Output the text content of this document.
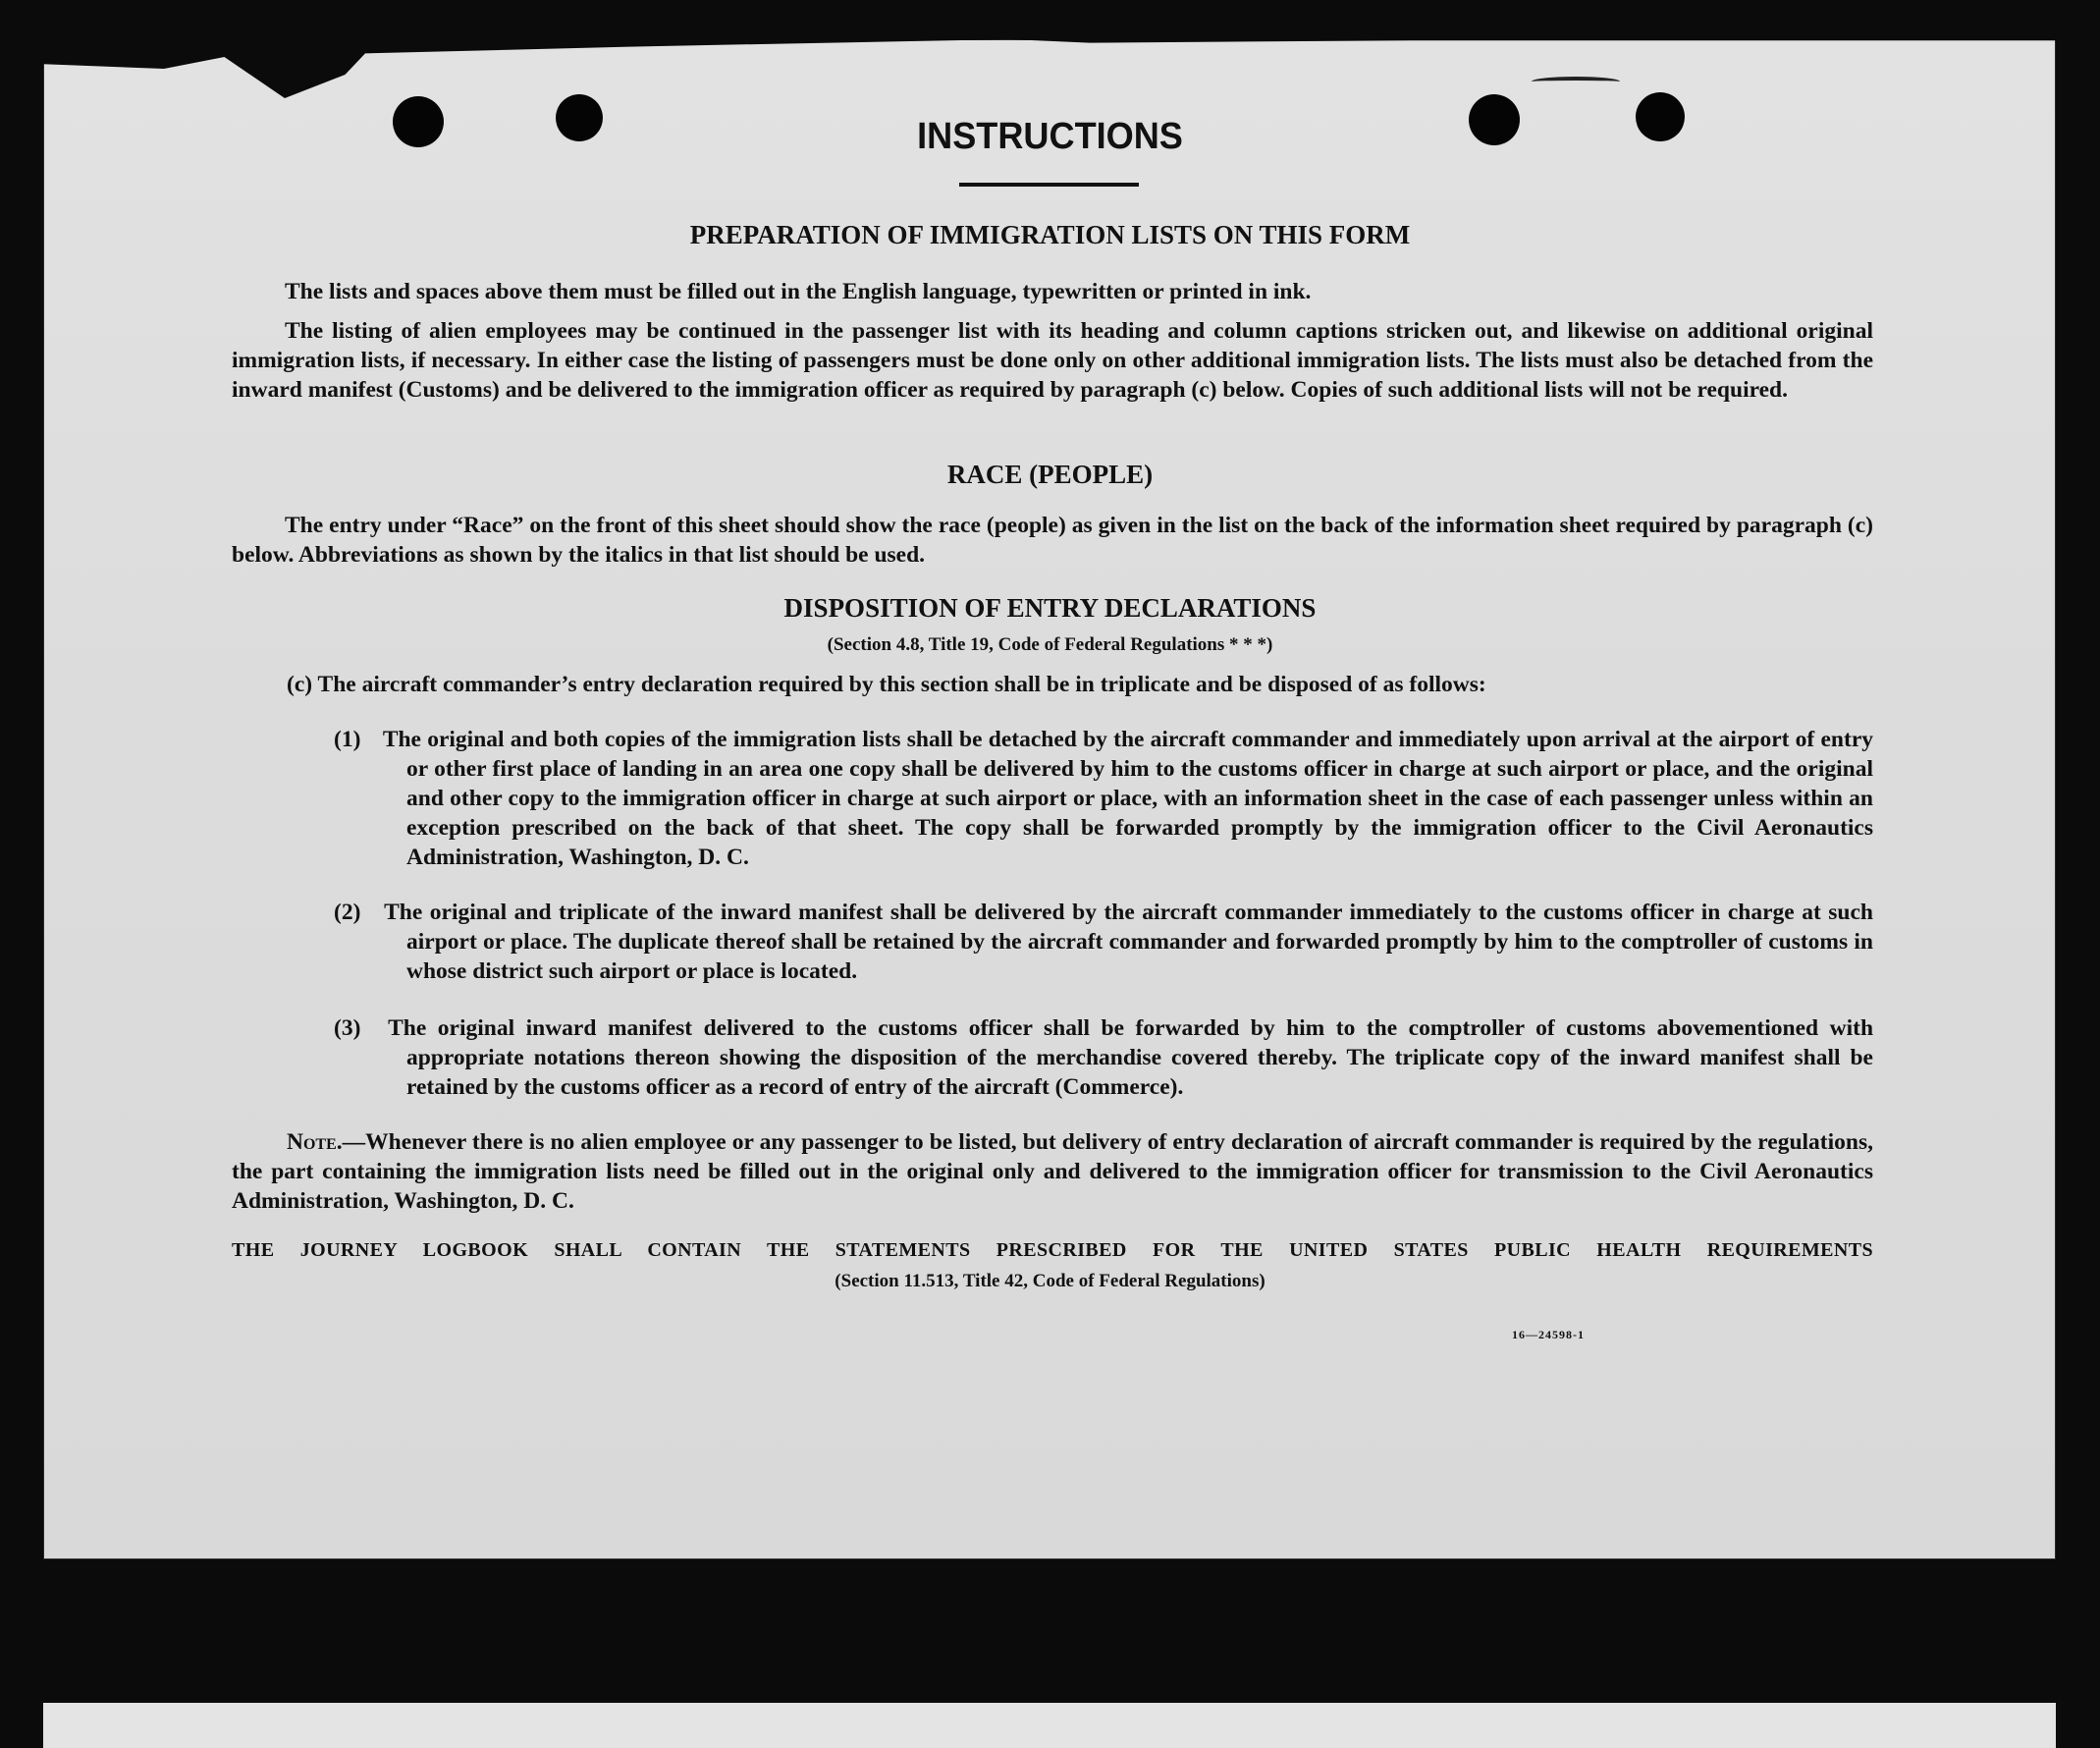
INSTRUCTIONS
PREPARATION OF IMMIGRATION LISTS ON THIS FORM
The lists and spaces above them must be filled out in the English language, typewritten or printed in ink.
The listing of alien employees may be continued in the passenger list with its heading and column captions stricken out, and likewise on additional original immigration lists, if necessary. In either case the listing of passengers must be done only on other additional immigration lists. The lists must also be detached from the inward manifest (Customs) and be delivered to the immigration officer as required by paragraph (c) below. Copies of such additional lists will not be required.
RACE (PEOPLE)
The entry under “Race” on the front of this sheet should show the race (people) as given in the list on the back of the information sheet required by paragraph (c) below. Abbreviations as shown by the italics in that list should be used.
DISPOSITION OF ENTRY DECLARATIONS
(Section 4.8, Title 19, Code of Federal Regulations * * *)
(c) The aircraft commander’s entry declaration required by this section shall be in triplicate and be disposed of as follows:
(1) The original and both copies of the immigration lists shall be detached by the aircraft commander and immediately upon arrival at the airport of entry or other first place of landing in an area one copy shall be delivered by him to the customs officer in charge at such airport or place, and the original and other copy to the immigration officer in charge at such airport or place, with an information sheet in the case of each passenger unless within an exception prescribed on the back of that sheet. The copy shall be forwarded promptly by the immigration officer to the Civil Aeronautics Administration, Washington, D. C.
(2) The original and triplicate of the inward manifest shall be delivered by the aircraft commander immediately to the customs officer in charge at such airport or place. The duplicate thereof shall be retained by the aircraft commander and forwarded promptly by him to the comptroller of customs in whose district such airport or place is located.
(3) The original inward manifest delivered to the customs officer shall be forwarded by him to the comptroller of customs abovementioned with appropriate notations thereon showing the disposition of the merchandise covered thereby. The triplicate copy of the inward manifest shall be retained by the customs officer as a record of entry of the aircraft (Commerce).
Note.—Whenever there is no alien employee or any passenger to be listed, but delivery of entry declaration of aircraft commander is required by the regulations, the part containing the immigration lists need be filled out in the original only and delivered to the immigration officer for transmission to the Civil Aeronautics Administration, Washington, D. C.
THE JOURNEY LOGBOOK SHALL CONTAIN THE STATEMENTS PRESCRIBED FOR THE UNITED STATES PUBLIC HEALTH REQUIREMENTS
(Section 11.513, Title 42, Code of Federal Regulations)
16—24598-1
